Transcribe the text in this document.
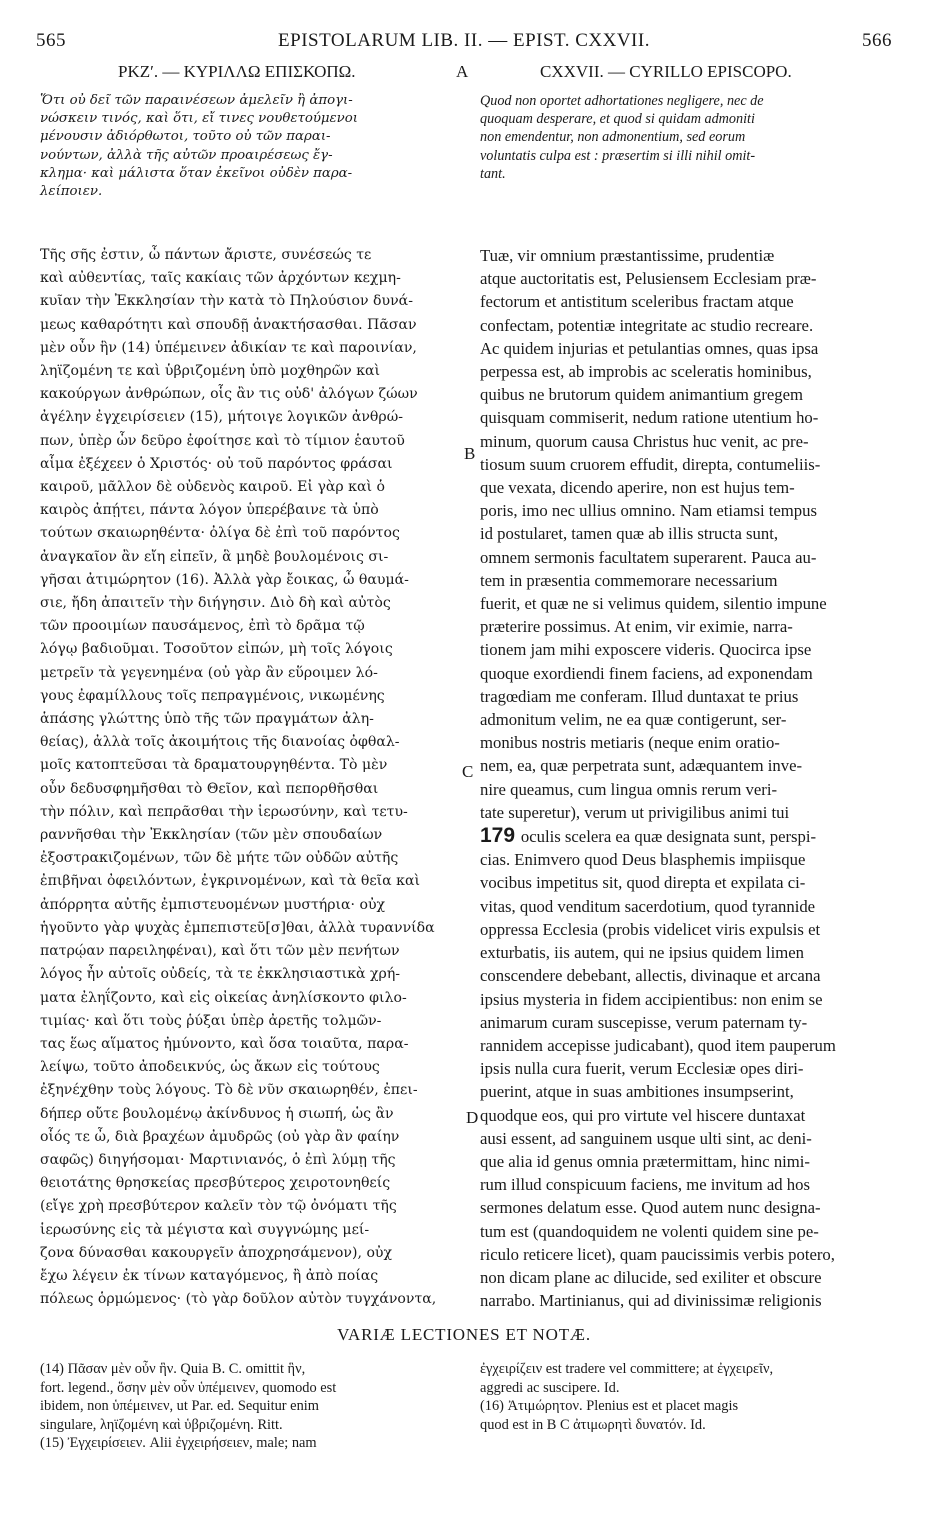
565	EPISTOLARUM LIB. II. — EPIST. CXXVII.	566
ΡΚΖʹ. — ΚΥΡΙΛΛΩ ΕΠΙΣΚΟΠΩ.	A	CXXVII. — CYRILLO EPISCOPO.
Ὅτι οὐ δεῖ τῶν παραινέσεων ἀμελεῖν ἢ ἀπογι-
νώσκειν τινός, καὶ ὅτι, εἴ τινες νουθετούμενοι
μένουσιν ἀδιόρθωτοι, τοῦτο οὐ τῶν παραι-
νούντων, ἀλλὰ τῆς αὐτῶν προαιρέσεως ἔγ-
κλημα· καὶ μάλιστα ὅταν ἐκεῖνοι οὐδὲν παρα-
λείποιεν.
Quod non oportet adhortationes negligere, nec de
quoquam desperare, et quod si quidam admoniti
non emendentur, non admonentium, sed eorum
voluntatis culpa est : præsertim si illi nihil omit-
tant.
Τῆς σῆς ἐστιν, ὦ πάντων ἄριστε, συνέσεώς τε
καὶ αὐθεντίας, ταῖς κακίαις τῶν ἀρχόντων κεχμη-
κυῖαν τὴν Ἐκκλησίαν τὴν κατὰ τὸ Πηλούσιον δυνά-
μεως καθαρότητι καὶ σπουδῇ ἀνακτήσασθαι. Πᾶσαν
μὲν οὖν ἣν (14) ὑπέμεινεν ἀδικίαν τε καὶ παροινίαν,
ληϊζομένη τε καὶ ὑβριζομένη ὑπὸ μοχθηρῶν καὶ
κακούργων ἀνθρώπων, οἷς ἂν τις οὐδ' ἀλόγων ζώων
ἀγέλην ἐγχειρίσειεν (15), μήτοιγε λογικῶν ἀνθρώ-
πων, ὑπὲρ ὧν δεῦρο ἐφοίτησε καὶ τὸ τίμιον ἑαυτοῦ
αἷμα ἐξέχεεν ὁ Χριστός· οὐ τοῦ παρόντος φράσαι
καιροῦ, μᾶλλον δὲ οὐδενὸς καιροῦ. Εἰ γὰρ καὶ ὁ
καιρὸς ἀπῄτει, πάντα λόγον ὑπερέβαινε τὰ ὑπὸ
τούτων σκαιωρηθέντα· ὀλίγα δὲ ἐπὶ τοῦ παρόντος
ἀναγκαῖον ἂν εἴη εἰπεῖν, ἃ μηδὲ βουλομένοις σι-
γῆσαι ἀτιμώρητον (16). Ἀλλὰ γὰρ ἔοικας, ὦ θαυμά-
σιε, ἤδη ἀπαιτεῖν τὴν διήγησιν. Διὸ δὴ καὶ αὐτὸς
τῶν προοιμίων παυσάμενος, ἐπὶ τὸ δρᾶμα τῷ
λόγῳ βαδιοῦμαι. Τοσοῦτον εἰπών, μὴ τοῖς λόγοις
μετρεῖν τὰ γεγενημένα (οὐ γὰρ ἂν εὕροιμεν λό-
γους ἐφαμίλλους τοῖς πεπραγμένοις, νικωμένης
ἁπάσης γλώττης ὑπὸ τῆς τῶν πραγμάτων ἀλη-
θείας), ἀλλὰ τοῖς ἀκοιμήτοις τῆς διανοίας ὀφθαλ-
μοῖς κατοπτεῦσαι τὰ δραματουργηθέντα. Τὸ μὲν
οὖν δεδυσφημῆσθαι τὸ Θεῖον, καὶ πεπορθῆσθαι
τὴν πόλιν, καὶ πεπρᾶσθαι τὴν ἱερωσύνην, καὶ τετυ-
ραννῆσθαι τὴν Ἐκκλησίαν (τῶν μὲν σπουδαίων
ἐξοστρακιζομένων, τῶν δὲ μήτε τῶν οὐδῶν αὐτῆς
ἐπιβῆναι ὀφειλόντων, ἐγκρινομένων, καὶ τὰ θεῖα καὶ
ἀπόρρητα αὐτῆς ἐμπιστευομένων μυστήρια· οὐχ
ἡγοῦντο γὰρ ψυχὰς ἐμπεπιστεῦ[σ]θαι, ἀλλὰ τυραννίδα
πατρῴαν παρειληφέναι), καὶ ὅτι τῶν μὲν πενήτων
λόγος ἦν αὐτοῖς οὐδείς, τὰ τε ἐκκλησιαστικὰ χρή-
ματα ἐληΐζοντο, καὶ εἰς οἰκείας ἀνηλίσκοντο φιλο-
τιμίας· καὶ ὅτι τοὺς ῥύξαι ὑπὲρ ἀρετῆς τολμῶν-
τας ἕως αἵματος ἠμύνοντο, καὶ ὅσα τοιαῦτα, παρα-
λείψω, τοῦτο ἀποδεικνύς, ὡς ἄκων εἰς τούτους
ἐξηνέχθην τοὺς λόγους. Τὸ δὲ νῦν σκαιωρηθέν, ἐπει-
δήπερ οὔτε βουλομένῳ ἀκίνδυνος ἡ σιωπή, ὡς ἂν
οἷός τε ὦ, διὰ βραχέων ἀμυδρῶς (οὐ γὰρ ἂν φαίην
σαφῶς) διηγήσομαι· Μαρτινιανός, ὁ ἐπὶ λύμῃ τῆς
θειοτάτης θρησκείας πρεσβύτερος χειροτονηθείς
(εἴγε χρὴ πρεσβύτερον καλεῖν τὸν τῷ ὀνόματι τῆς
ἱερωσύνης εἰς τὰ μέγιστα καὶ συγγνώμης μεί-
ζονα δύνασθαι κακουργεῖν ἀποχρησάμενον), οὐχ
ἔχω λέγειν ἐκ τίνων καταγόμενος, ἢ ἀπὸ ποίας
πόλεως ὁρμώμενος· (τὸ γὰρ δοῦλον αὐτὸν τυγχάνοντα,
Tuæ, vir omnium præstantissime, prudentiæ
atque auctoritatis est, Pelusiensem Ecclesiam præ-
fectorum et antistitum sceleribus fractam atque
confectam, potentiæ integritate ac studio recreare.
Ac quidem injurias et petulantias omnes, quas ipsa
perpessa est, ab improbis ac sceleratis hominibus,
quibus ne brutorum quidem animantium gregem
quisquam commiserit, nedum ratione utentium ho-
minum, quorum causa Christus huc venit, ac pre-
tiosum suum cruorem effudit, direpta, contumeliis-
que vexata, dicendo aperire, non est hujus tem-
poris, imo nec ullius omnino. Nam etiamsi tempus
id postularet, tamen quæ ab illis structa sunt,
omnem sermonis facultatem superarent. Pauca au-
tem in præsentia commemorare necessarium
fuerit, et quæ ne si velimus quidem, silentio impune
præterire possimus. At enim, vir eximie, narra-
tionem jam mihi exposcere videris. Quocirca ipse
quoque exordiendi finem faciens, ad exponendam
tragœdiam me conferam. Illud duntaxat te prius
admonitum velim, ne ea quæ contigerunt, ser-
monibus nostris metiaris (neque enim oratio-
nem, ea, quæ perpetrata sunt, adæquantem inve-
nire queamus, cum lingua omnis rerum veri-
tate superetur), verum ut privigilibus animi tui
179 oculis scelera ea quæ designata sunt, perspi-
cias. Enimvero quod Deus blasphemis impiisque
vocibus impetitus sit, quod direpta et expilata ci-
vitas, quod venditum sacerdotium, quod tyrannide
oppressa Ecclesia (probis videlicet viris expulsis et
exturbatis, iis autem, qui ne ipsius quidem limen
conscendere debebant, allectis, divinaque et arcana
ipsius mysteria in fidem accipientibus: non enim se
animarum curam suscepisse, verum paternam ty-
rannidem accepisse judicabant), quod item pauperum
ipsis nulla cura fuerit, verum Ecclesiæ opes diri-
puerint, atque in suas ambitiones insumpserint,
quodque eos, qui pro virtute vel hiscere duntaxat
ausi essent, ad sanguinem usque ulti sint, ac deni-
que alia id genus omnia prætermittam, hinc nimi-
rum illud conspicuum faciens, me invitum ad hos
sermones delatum esse. Quod autem nunc designa-
tum est (quandoquidem ne volenti quidem sine pe-
riculo reticere licet), quam paucissimis verbis potero,
non dicam plane ac dilucide, sed exiliter et obscure
narrabo. Martinianus, qui ad divinissimæ religionis
B
C
D
VARIÆ LECTIONES ET NOTÆ.
(14) Πᾶσαν μὲν οὖν ἣν. Quia B. C. omittit ἣν,
fort. legend., ὅσην μὲν οὖν ὑπέμεινεν, quomodo est
ibidem, non ὑπέμεινεν, ut Par. ed. Sequitur enim
singulare, ληϊζομένη καὶ ὑβριζομένη. Ritt.
(15) Ἐγχειρίσειεν. Alii ἐγχειρήσειεν, male; nam
ἐγχειρίζειν est tradere vel committere; at ἐγχειρεῖν,
aggredi ac suscipere. Id.
(16) Ἀτιμώρητον. Plenius est et placet magis
quod est in B C ἀτιμωρητὶ δυνατόν. Id.
